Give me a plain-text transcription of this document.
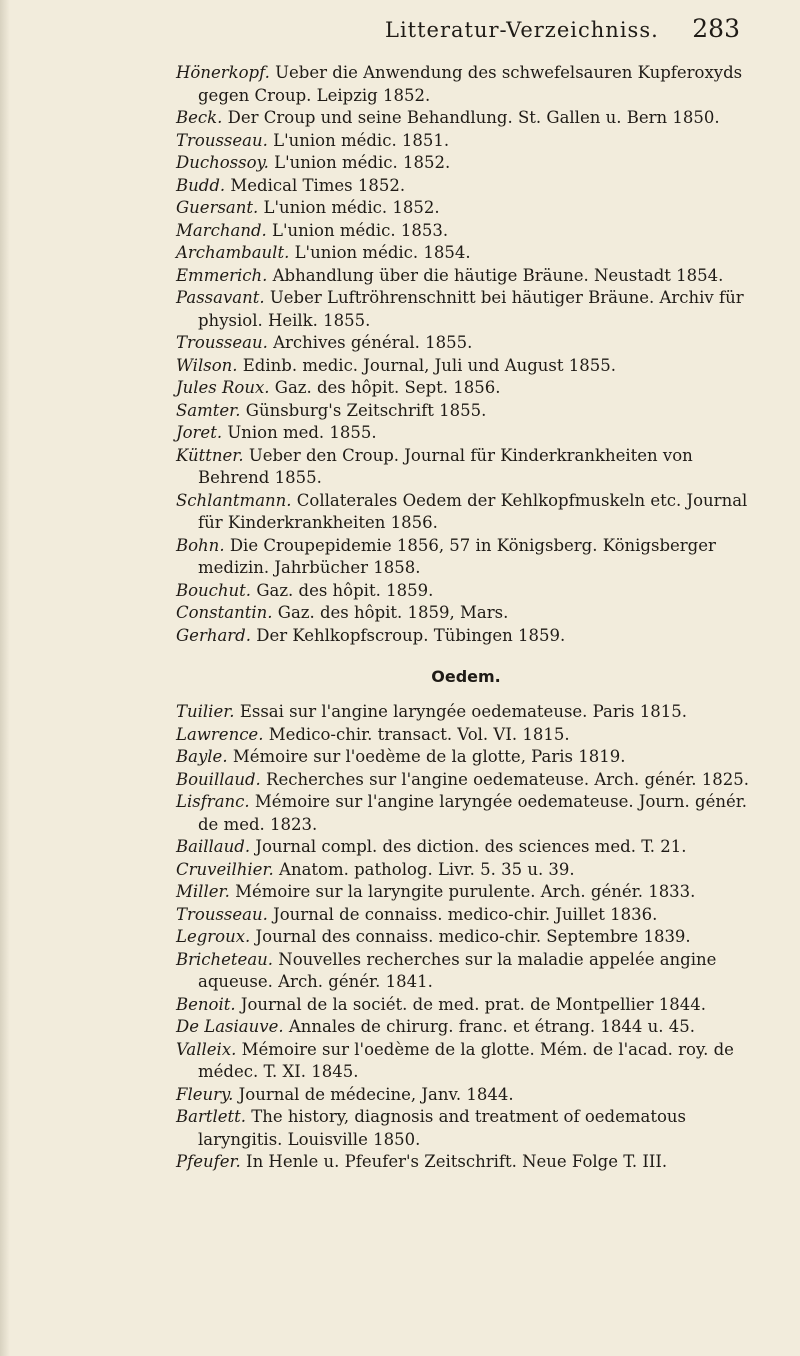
Litteratur-Verzeichniss. 283
Hönerkopf. Ueber die Anwendung des schwefelsauren Kupferoxyds gegen Croup. Leipzig 1852.
Beck. Der Croup und seine Behandlung. St. Gallen u. Bern 1850.
Trousseau. L'union médic. 1851.
Duchossoy. L'union médic. 1852.
Budd. Medical Times 1852.
Guersant. L'union médic. 1852.
Marchand. L'union médic. 1853.
Archambault. L'union médic. 1854.
Emmerich. Abhandlung über die häutige Bräune. Neustadt 1854.
Passavant. Ueber Luftröhrenschnitt bei häutiger Bräune. Archiv für physiol. Heilk. 1855.
Trousseau. Archives général. 1855.
Wilson. Edinb. medic. Journal, Juli und August 1855.
Jules Roux. Gaz. des hôpit. Sept. 1856.
Samter. Günsburg's Zeitschrift 1855.
Joret. Union med. 1855.
Küttner. Ueber den Croup. Journal für Kinderkrankheiten von Behrend 1855.
Schlantmann. Collaterales Oedem der Kehlkopfmuskeln etc. Journal für Kinderkrankheiten 1856.
Bohn. Die Croupepidemie 1856, 57 in Königsberg. Königsberger medizin. Jahrbücher 1858.
Bouchut. Gaz. des hôpit. 1859.
Constantin. Gaz. des hôpit. 1859, Mars.
Gerhard. Der Kehlkopfscroup. Tübingen 1859.
Oedem.
Tuilier. Essai sur l'angine laryngée oedemateuse. Paris 1815.
Lawrence. Medico-chir. transact. Vol. VI. 1815.
Bayle. Mémoire sur l'oedème de la glotte, Paris 1819.
Bouillaud. Recherches sur l'angine oedemateuse. Arch. génér. 1825.
Lisfranc. Mémoire sur l'angine laryngée oedemateuse. Journ. génér. de med. 1823.
Baillaud. Journal compl. des diction. des sciences med. T. 21.
Cruveilhier. Anatom. patholog. Livr. 5. 35 u. 39.
Miller. Mémoire sur la laryngite purulente. Arch. génér. 1833.
Trousseau. Journal de connaiss. medico-chir. Juillet 1836.
Legroux. Journal des connaiss. medico-chir. Septembre 1839.
Bricheteau. Nouvelles recherches sur la maladie appelée angine aqueuse. Arch. génér. 1841.
Benoit. Journal de la sociét. de med. prat. de Montpellier 1844.
De Lasiauve. Annales de chirurg. franc. et étrang. 1844 u. 45.
Valleix. Mémoire sur l'oedème de la glotte. Mém. de l'acad. roy. de médec. T. XI. 1845.
Fleury. Journal de médecine, Janv. 1844.
Bartlett. The history, diagnosis and treatment of oedematous laryngitis. Louisville 1850.
Pfeufer. In Henle u. Pfeufer's Zeitschrift. Neue Folge T. III.
